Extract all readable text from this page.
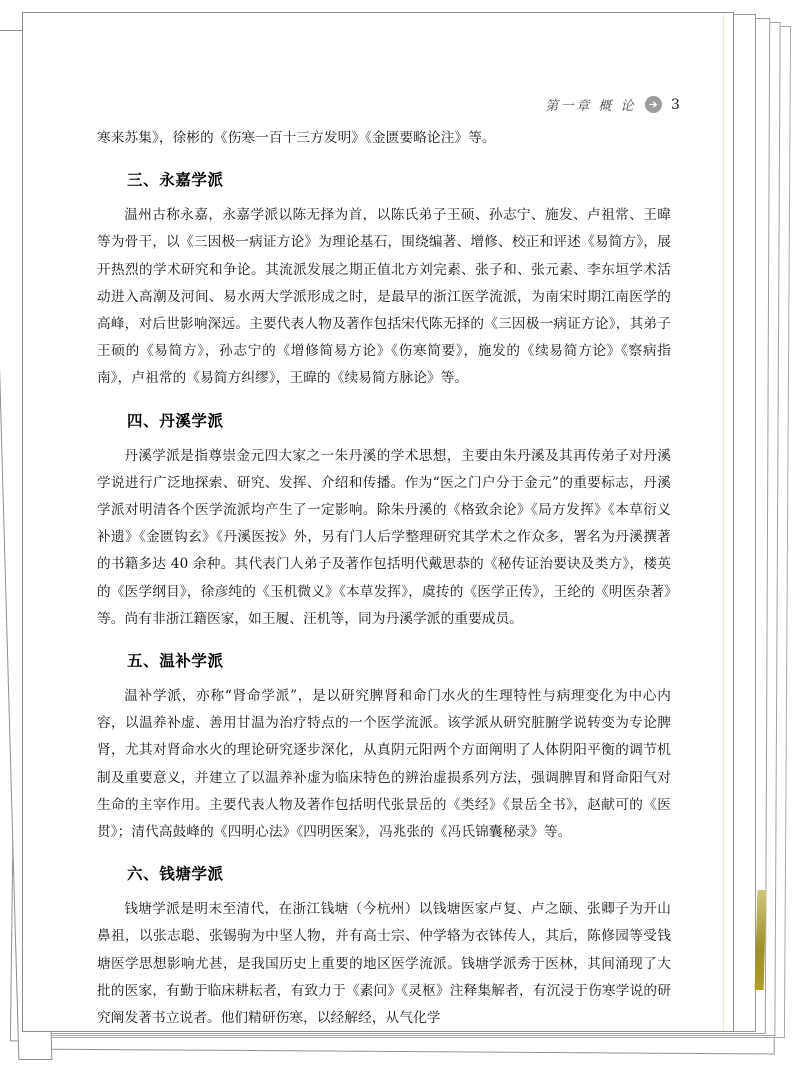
第一章 概 论	3

寒来苏集》，徐彬的《伤寒一百十三方发明》《金匮要略论注》等。

三、永嘉学派

温州古称永嘉，永嘉学派以陈无择为首，以陈氏弟子王硕、孙志宁、施发、卢祖常、王暐等为骨干，以《三因极一病证方论》为理论基石，围绕编著、增修、校正和评述《易简方》，展开热烈的学术研究和争论。其流派发展之期正值北方刘完素、张子和、张元素、李东垣学术活动进入高潮及河间、易水两大学派形成之时，是最早的浙江医学流派，为南宋时期江南医学的高峰，对后世影响深远。主要代表人物及著作包括宋代陈无择的《三因极一病证方论》，其弟子王硕的《易简方》，孙志宁的《增修简易方论》《伤寒简要》，施发的《续易简方论》《察病指南》，卢祖常的《易简方纠缪》，王暐的《续易简方脉论》等。

四、丹溪学派

丹溪学派是指尊崇金元四大家之一朱丹溪的学术思想，主要由朱丹溪及其再传弟子对丹溪学说进行广泛地探索、研究、发挥、介绍和传播。作为“医之门户分于金元”的重要标志，丹溪学派对明清各个医学流派均产生了一定影响。除朱丹溪的《格致余论》《局方发挥》《本草衍义补遗》《金匮钩玄》《丹溪医按》外，另有门人后学整理研究其学术之作众多，署名为丹溪撰著的书籍多达 40 余种。其代表门人弟子及著作包括明代戴思恭的《秘传证治要诀及类方》，楼英的《医学纲目》，徐彦纯的《玉机微义》《本草发挥》，虞抟的《医学正传》，王纶的《明医杂著》等。尚有非浙江籍医家，如王履、汪机等，同为丹溪学派的重要成员。

五、温补学派

温补学派，亦称“肾命学派”，是以研究脾肾和命门水火的生理特性与病理变化为中心内容，以温养补虚、善用甘温为治疗特点的一个医学流派。该学派从研究脏腑学说转变为专论脾肾，尤其对肾命水火的理论研究逐步深化，从真阴元阳两个方面阐明了人体阴阳平衡的调节机制及重要意义，并建立了以温养补虚为临床特色的辨治虚损系列方法，强调脾胃和肾命阳气对生命的主宰作用。主要代表人物及著作包括明代张景岳的《类经》《景岳全书》，赵献可的《医贯》；清代高鼓峰的《四明心法》《四明医案》，冯兆张的《冯氏锦囊秘录》等。

六、钱塘学派

钱塘学派是明末至清代，在浙江钱塘（今杭州）以钱塘医家卢复、卢之颐、张卿子为开山鼻祖，以张志聪、张锡驹为中坚人物，并有高士宗、仲学辂为衣钵传人，其后，陈修园等受钱塘医学思想影响尤甚，是我国历史上重要的地区医学流派。钱塘学派秀于医林，其间涌现了大批的医家，有勤于临床耕耘者，有致力于《素问》《灵枢》注释集解者，有沉浸于伤寒学说的研究阐发著书立说者。他们精研伤寒，以经解经，从气化学
